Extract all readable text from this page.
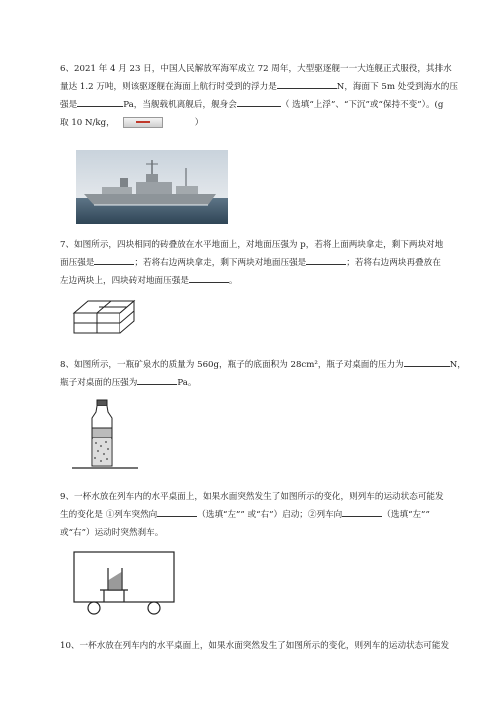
6、2021 年 4 月 23 日，中国人民解放军海军成立 72 周年，大型驱逐舰一一大连舰正式服役，其排水

量达 1.2 万吨，则该驱逐舰在海面上航行时受到的浮力是	N，海面下 5m 处受到海水的压

强是	Pa，当舰载机离舰后，舰身会	（ 选填“上浮”、“下沉”或“保持不变”）。(g

取 10 N/kg，	）

7、如图所示，四块相同的砖叠放在水平地面上，对地面压强为 p，若将上面两块拿走，剩下两块对地

面压强是	；若将右边两块拿走，剩下两块对地面压强是	；若将右边两块再叠放在

左边两块上，四块砖对地面压强是	。

8、如图所示，一瓶矿泉水的质量为 560g，瓶子的底面积为 28cm²，瓶子对桌面的压力为	N，

瓶子对桌面的压强为	Pa。

9、一杯水放在列车内的水平桌面上，如果水面突然发生了如图所示的变化，则列车的运动状态可能发

生的变化是 ①列车突然向	（选填“左”” 或“右”）启动；②列车向	（选填“左””

或“右”）运动时突然刹车。

10、一杯水放在列车内的水平桌面上，如果水面突然发生了如图所示的变化，则列车的运动状态可能发
